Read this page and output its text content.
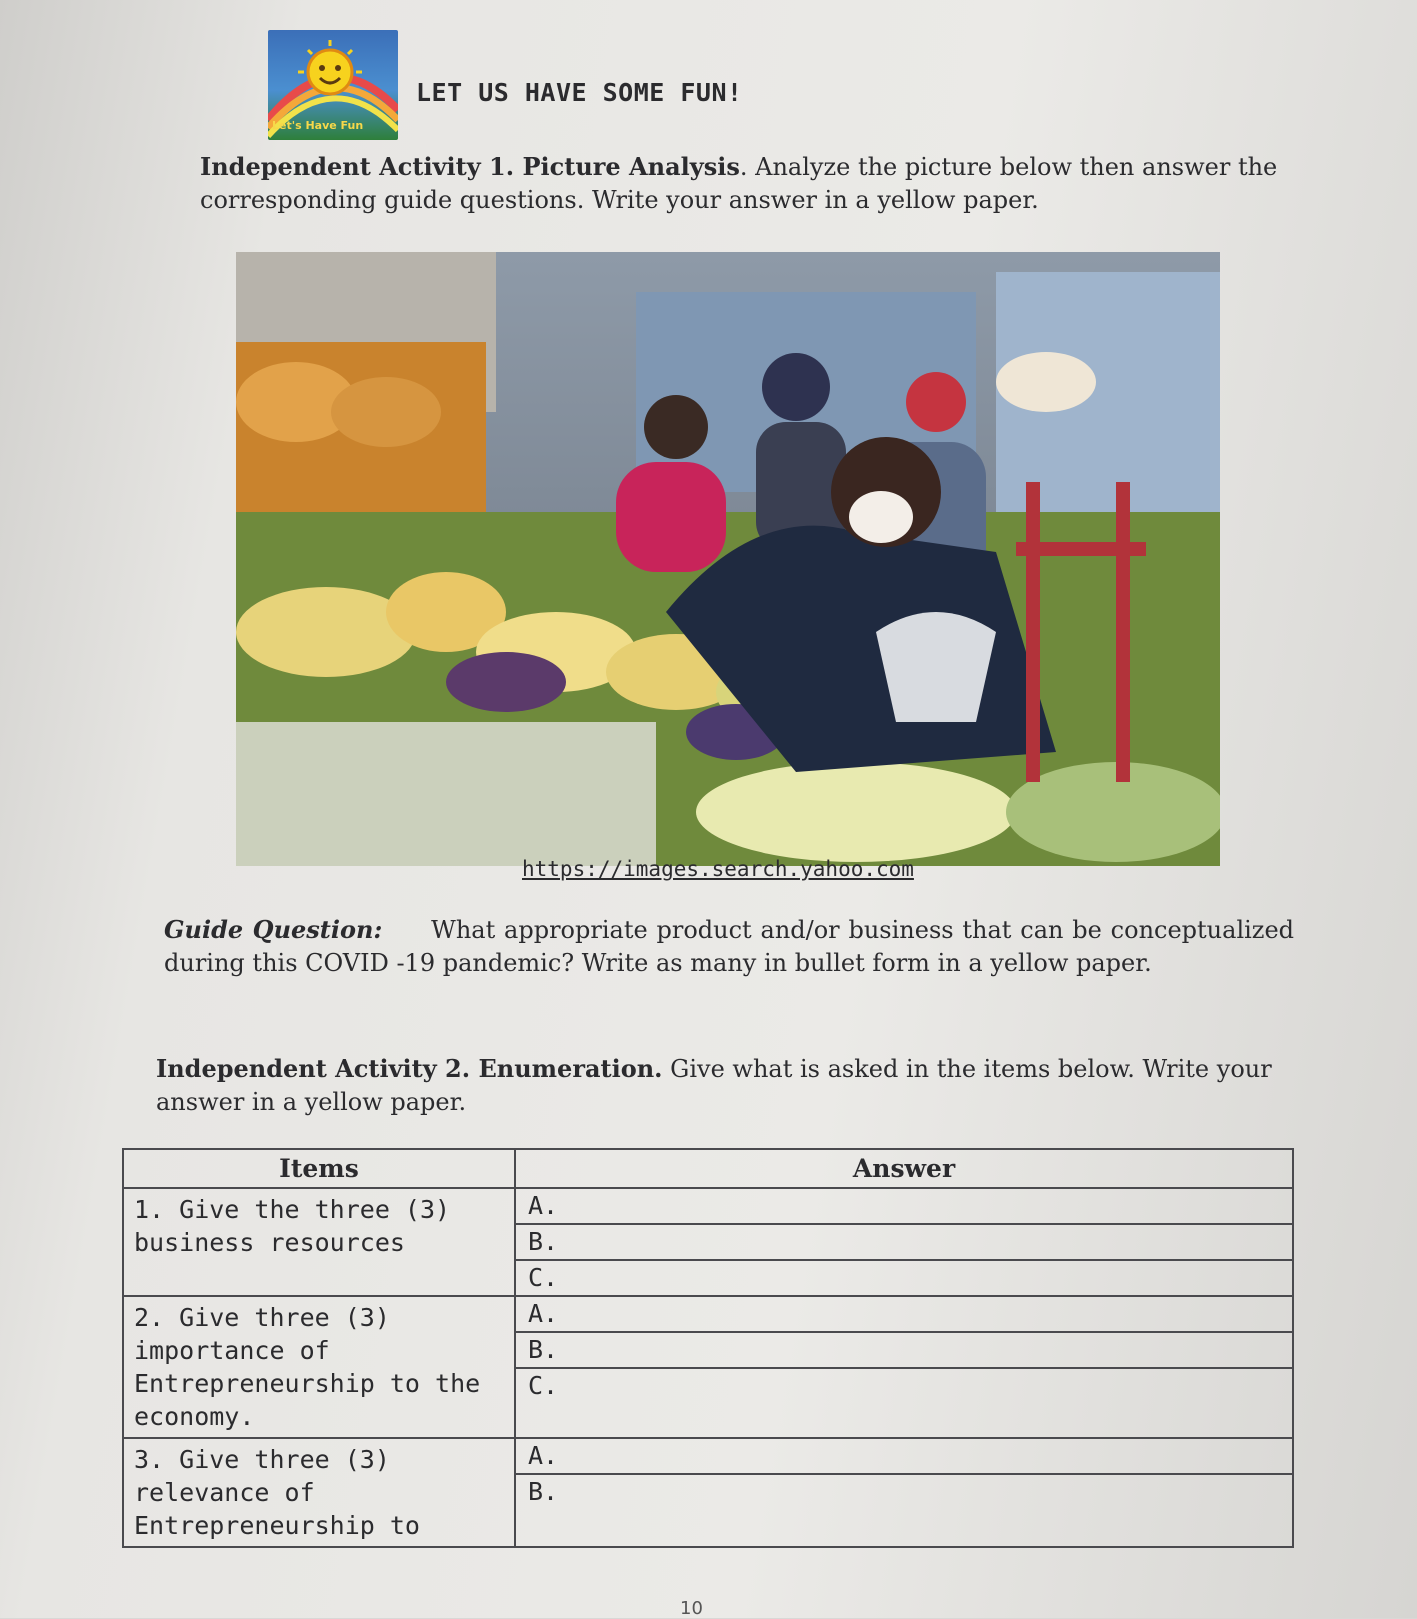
Let's Have Fun
LET US HAVE SOME FUN!
Independent Activity 1. Picture Analysis. Analyze the picture below then answer the corresponding guide questions. Write your answer in a yellow paper.
https://images.search.yahoo.com
Guide Question: What appropriate product and/or business that can be conceptualized during this COVID -19 pandemic? Write as many in bullet form in a yellow paper.
Independent Activity 2. Enumeration. Give what is asked in the items below. Write your answer in a yellow paper.
Items	Answer
1. Give the three (3) business resources	A.
B.
C.

2. Give three (3) importance of Entrepreneurship to the economy.	A.
B.
C.

3. Give three (3) relevance of Entrepreneurship to	A.
B.
10
